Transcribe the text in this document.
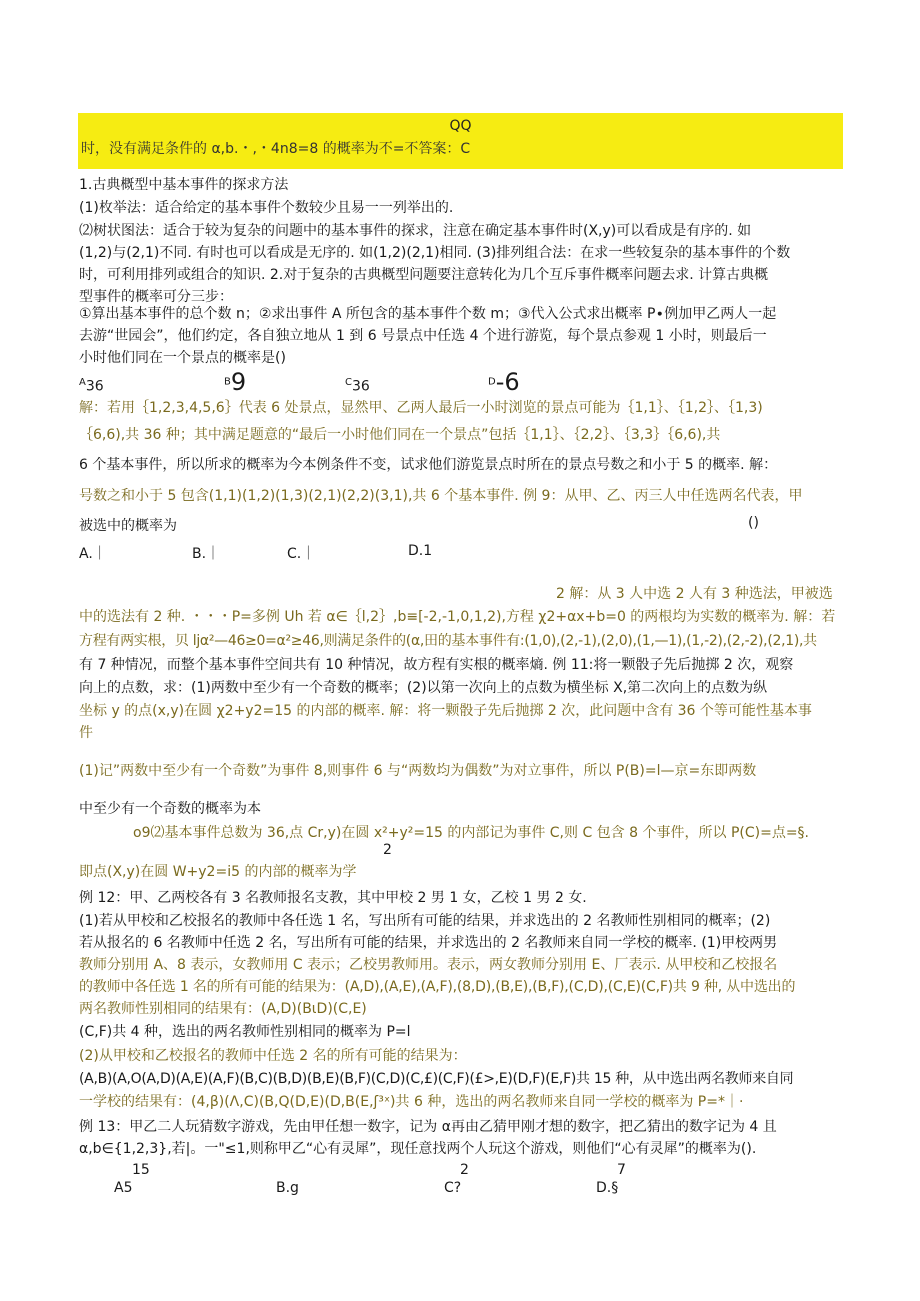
QQ
时，没有满足条件的 α,b.・,・4n8=8 的概率为不=不答案：C
1.古典概型中基本事件的探求方法
(1)枚举法：适合给定的基本事件个数较少且易一一列举出的.
⑵树状图法：适合于较为复杂的问题中的基本事件的探求，注意在确定基本事件时(X,y)可以看成是有序的. 如
(1,2)与(2,1)不同. 有时也可以看成是无序的. 如(1,2)(2,1)相同. (3)排列组合法：在求一些较复杂的基本事件的个数
时，可利用排列或组合的知识. 2.对于复杂的古典概型问题要注意转化为几个互斥事件概率问题去求. 计算古典概
型事件的概率可分三步：
①算出基本事件的总个数 n；②求出事件 A 所包含的基本事件个数 m；③代入公式求出概率 P∙例加甲乙两人一起
去游“世园会”，他们约定，各自独立地从 1 到 6 号景点中任选 4 个进行游览，每个景点参观 1 小时，则最后一
小时他们同在一个景点的概率是()
$^A$36	$^B$9	$^C$36	$^D$-6
解：若用｛1,2,3,4,5,6｝代表 6 处景点，显然甲、乙两人最后一小时浏览的景点可能为｛1,1｝、｛1,2｝、｛1,3)
｛6,6),共 36 种；其中满足题意的“最后一小时他们同在一个景点”包括｛1,1｝、｛2,2｝、｛3,3｝｛6,6),共
6 个基本事件，所以所求的概率为今本例条件不变，试求他们游览景点时所在的景点号数之和小于 5 的概率. 解：
号数之和小于 5 包含(1,1)(1,2)(1,3)(2,1)(2,2)(3,1),共 6 个基本事件. 例 9：从甲、乙、丙三人中任选两名代表，甲
被选中的概率为	()
A.｜	B.｜	C.｜	D.1
2 解：从 3 人中选 2 人有 3 种选法，甲被选
中的选法有 2 种. ・・・P=多例 Uh 若 α∈｛l,2｝,b≡[-2,-1,0,1,2),方程 χ2+αx+b=0 的两根均为实数的概率为. 解：若
方程有两实根，贝 ljα²—46≥0=α²≥46,则满足条件的(α,田的基本事件有:(1,0),(2,-1),(2,0),(1,—1),(1,-2),(2,-2),(2,1),共
有 7 种情况，而整个基本事件空间共有 10 种情况，故方程有实根的概率熵. 例 11:将一颗骰子先后抛掷 2 次，观察
向上的点数，求：(1)两数中至少有一个奇数的概率；(2)以第一次向上的点数为横坐标 X,第二次向上的点数为纵
坐标 y 的点(x,y)在圆 χ2+y2=15 的内部的概率. 解：将一颗骰子先后抛掷 2 次，此问题中含有 36 个等可能性基本事
件
(1)记”两数中至少有一个奇数”为事件 8,则事件 6 与“两数均为偶数”为对立事件，所以 P(B)=l—京=东即两数
中至少有一个奇数的概率为本
o9⑵基本事件总数为 36,点 Cr,y)在圆 x²+y²=15 的内部记为事件 C,则 C 包含 8 个事件，所以 P(C)=点=§.
2
即点(X,y)在圆 W+y2=i5 的内部的概率为学
例 12：甲、乙两校各有 3 名教师报名支教，其中甲校 2 男 1 女，乙校 1 男 2 女.
(1)若从甲校和乙校报名的教师中各任选 1 名，写出所有可能的结果，并求选出的 2 名教师性别相同的概率；(2)
若从报名的 6 名教师中任选 2 名，写出所有可能的结果，并求选出的 2 名教师来自同一学校的概率. (1)甲校两男
教师分别用 A、8 表示，女教师用 C 表示；乙校男教师用。表示，两女教师分别用 E、厂表示. 从甲校和乙校报名
的教师中各任选 1 名的所有可能的结果为：(A,D),(A,E),(A,F),(8,D),(B,E),(B,F),(C,D),(C,E)(C,F)共 9 种, 从中选出的
两名教师性别相同的结果有：(A,D)(BιD)(C,E)
(C,F)共 4 种，选出的两名教师性别相同的概率为 P=l
(2)从甲校和乙校报名的教师中任选 2 名的所有可能的结果为：
(A,B)(A,O(A,D)(A,E)(A,F)(B,C)(B,D)(B,E)(B,F)(C,D)(C,£)(C,F)(£>,E)(D,F)(E,F)共 15 种，从中选出两名教师来自同
一学校的结果有：(4,β)(Λ,C)(B,Q(D,E)(D,B(E,ʃ³ˣ)共 6 种，选出的两名教师来自同一学校的概率为 P=*｜·
例 13：甲乙二人玩猜数字游戏，先由甲任想一数字，记为 α再由乙猜甲刚才想的数字，把乙猜出的数字记为 4 且
α,b∈{1,2,3},若|。一"≤1,则称甲乙“心有灵犀”，现任意找两个人玩这个游戏，则他们“心有灵犀”的概率为().
15	2	7
A5	B.g	C?	D.§
